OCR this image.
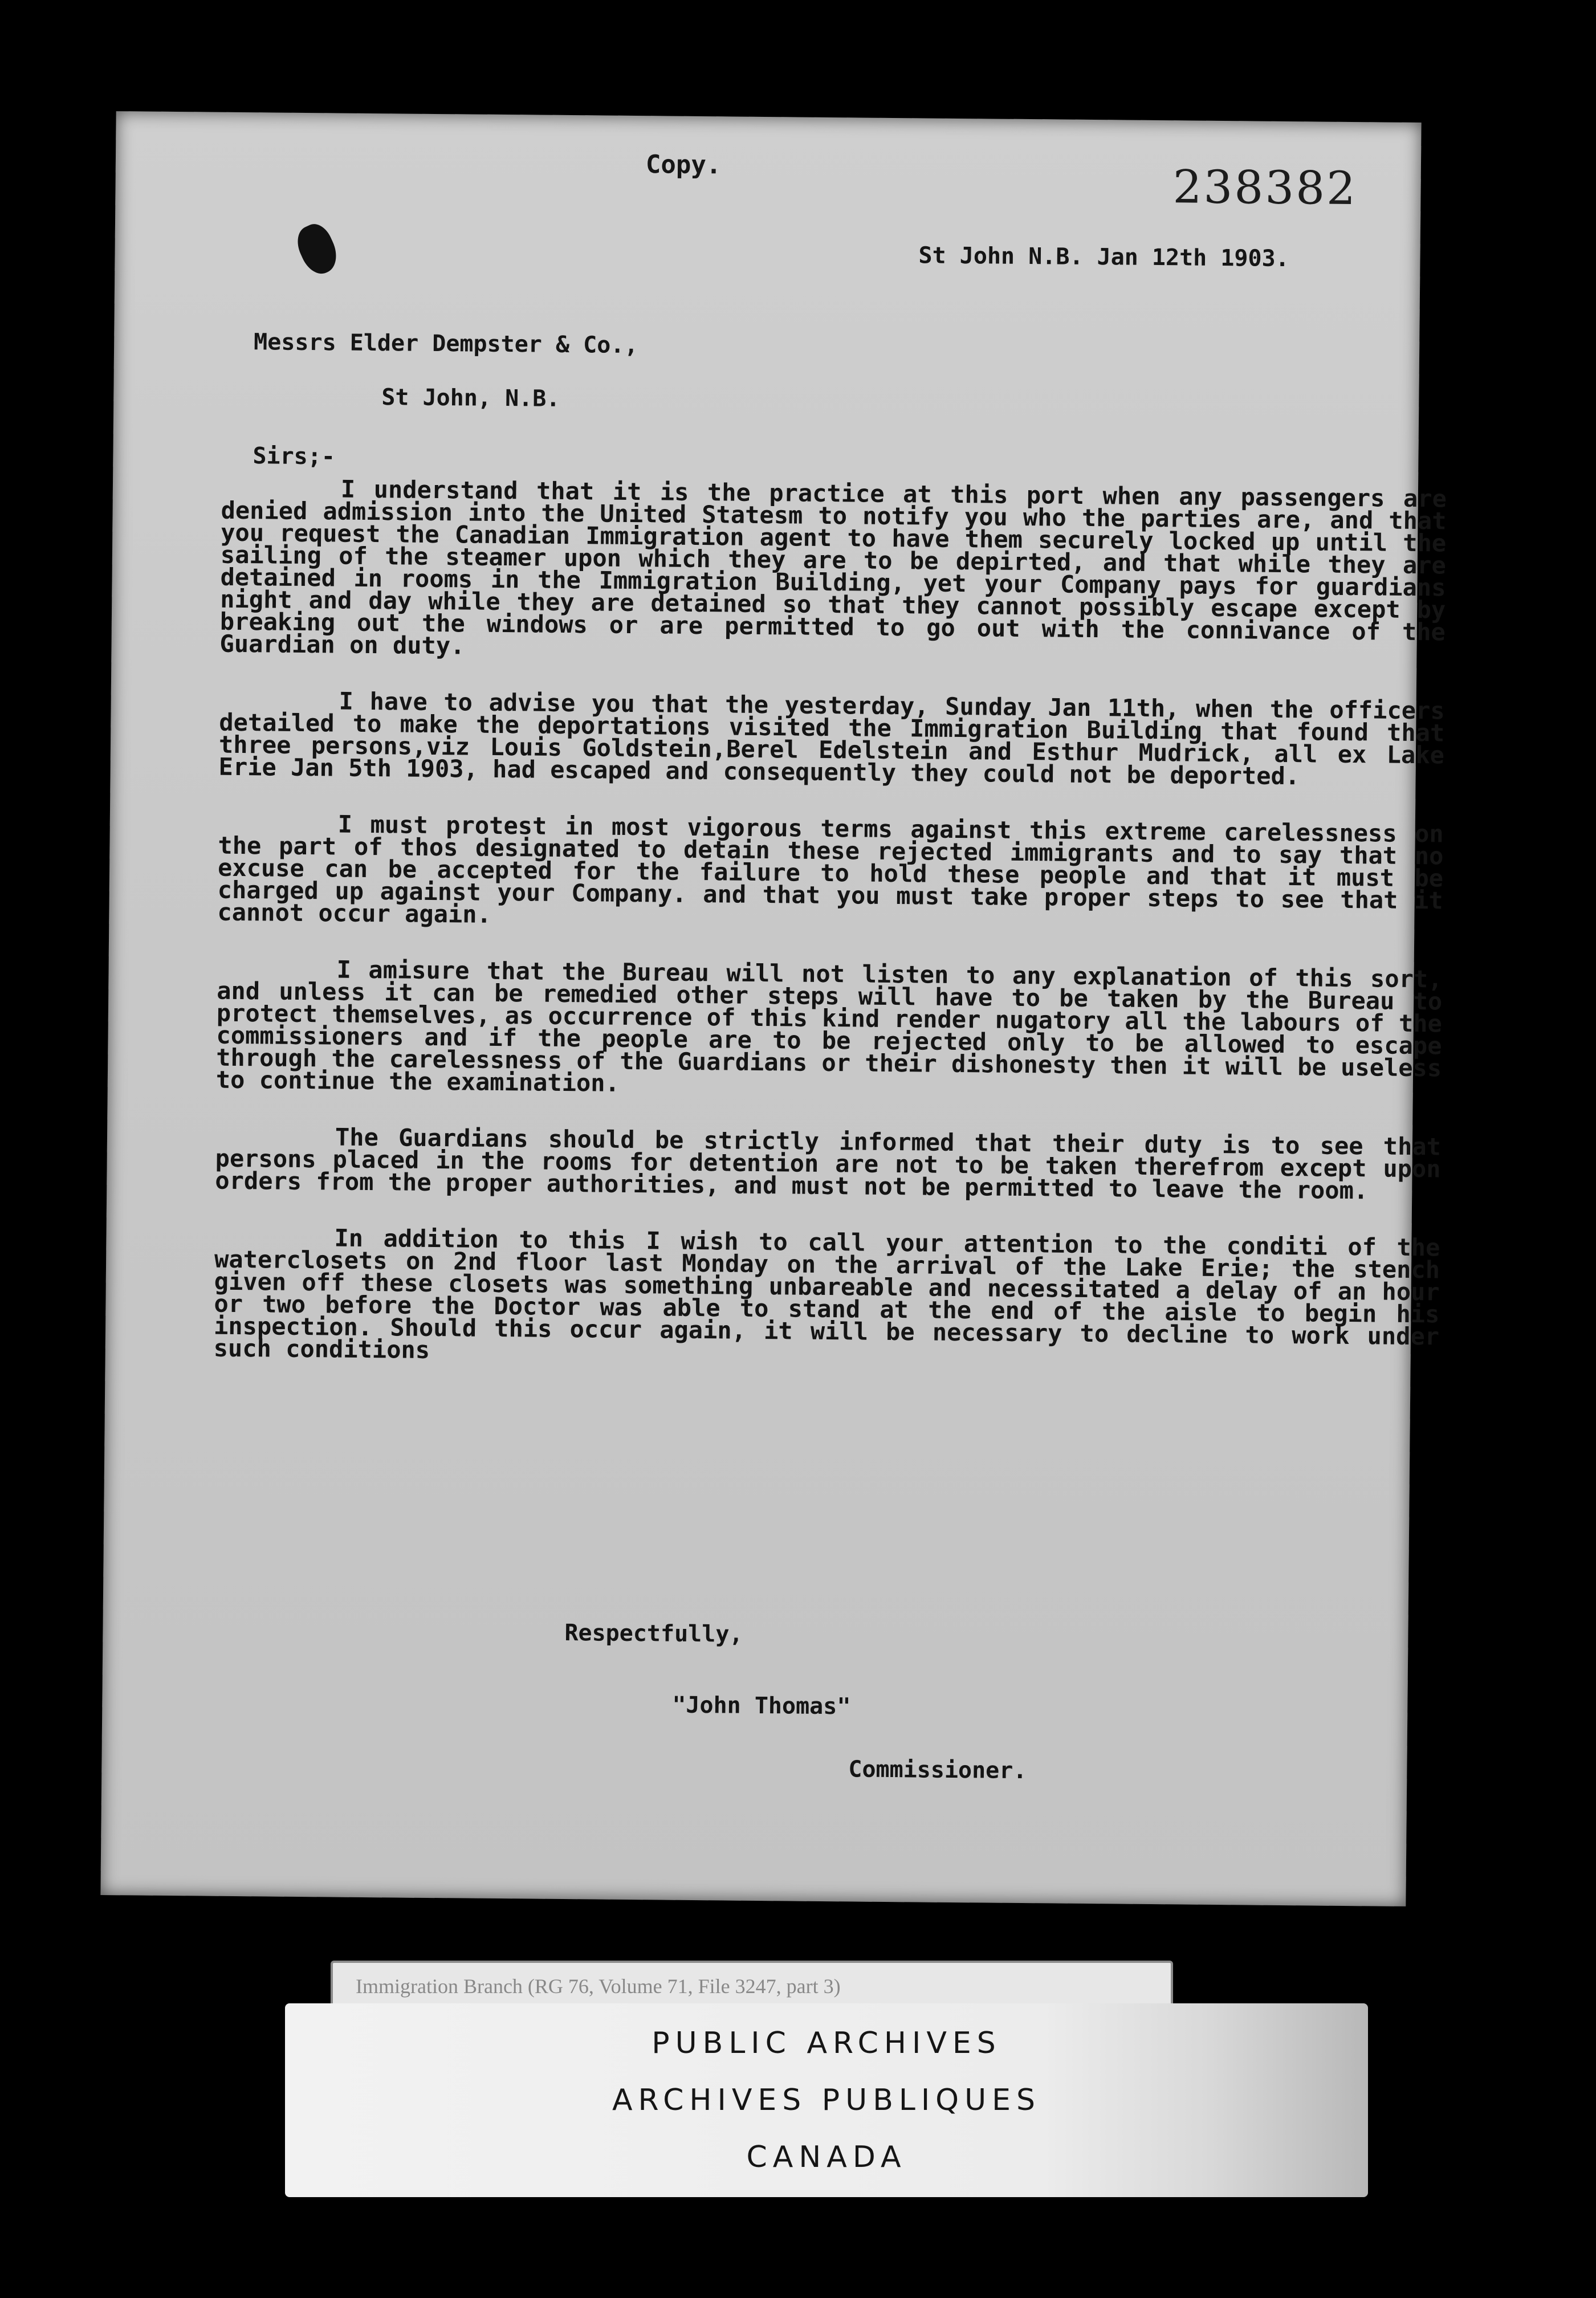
Copy.	238382
St John N.B. Jan 12th 1903.
Messrs Elder Dempster & Co.,
St John, N.B.
Sirs;-

I understand that it is the practice at this port when any passengers are denied admission into the United Statesm to notify you who the parties are, and that you request the Canadian Immigration agent to have them securely locked up until the sailing of the steamer upon which they are to be depirted, and that while they are detained in rooms in the Immigration Building, yet your Company pays for guardians night and day while they are detained so that they cannot possibly escape except by breaking out the windows or are permitted to go out with the connivance of the Guardian on duty.

I have to advise you that the yesterday, Sunday Jan 11th, when the officers detailed to make the deportations visited the Immigration Building that found that three persons,viz Louis Goldstein,Berel Edelstein and Esthur Mudrick, all ex Lake Erie Jan 5th 1903, had escaped and consequently they could not be deported.

I must protest in most vigorous terms against this extreme carelessness on the part of thos designated to detain these rejected immigrants and to say that no excuse can be accepted for the failure to hold these people and that it must be charged up against your Company. and that you must take proper steps to see that it cannot occur again.

I amisure that the Bureau will not listen to any explanation of this sort, and unless it can be remedied other steps will have to be taken by the Bureau to protect themselves, as occurrence of this kind render nugatory all the labours of the commissioners and if the people are to be rejected only to be allowed to escape through the carelessness of the Guardians or their dishonesty then it will be useless to continue the examination.

The Guardians should be strictly informed that their duty is to see that persons placed in the rooms for detention are not to be taken therefrom except upon orders from the proper authorities, and must not be permitted to leave the room.

In addition to this I wish to call your attention to the conditi of the waterclosets on 2nd floor last Monday on the arrival of the Lake Erie; the stench given off these closets was something unbareable and necessitated a delay of an hour or two before the Doctor was able to stand at the end of the aisle to begin his inspection. Should this occur again, it will be necessary to decline to work under such conditions

Respectfully,
"John Thomas"
Commissioner.
Immigration Branch (RG 76, Volume 71, File 3247, part 3)
PUBLIC ARCHIVES
ARCHIVES PUBLIQUES
CANADA
